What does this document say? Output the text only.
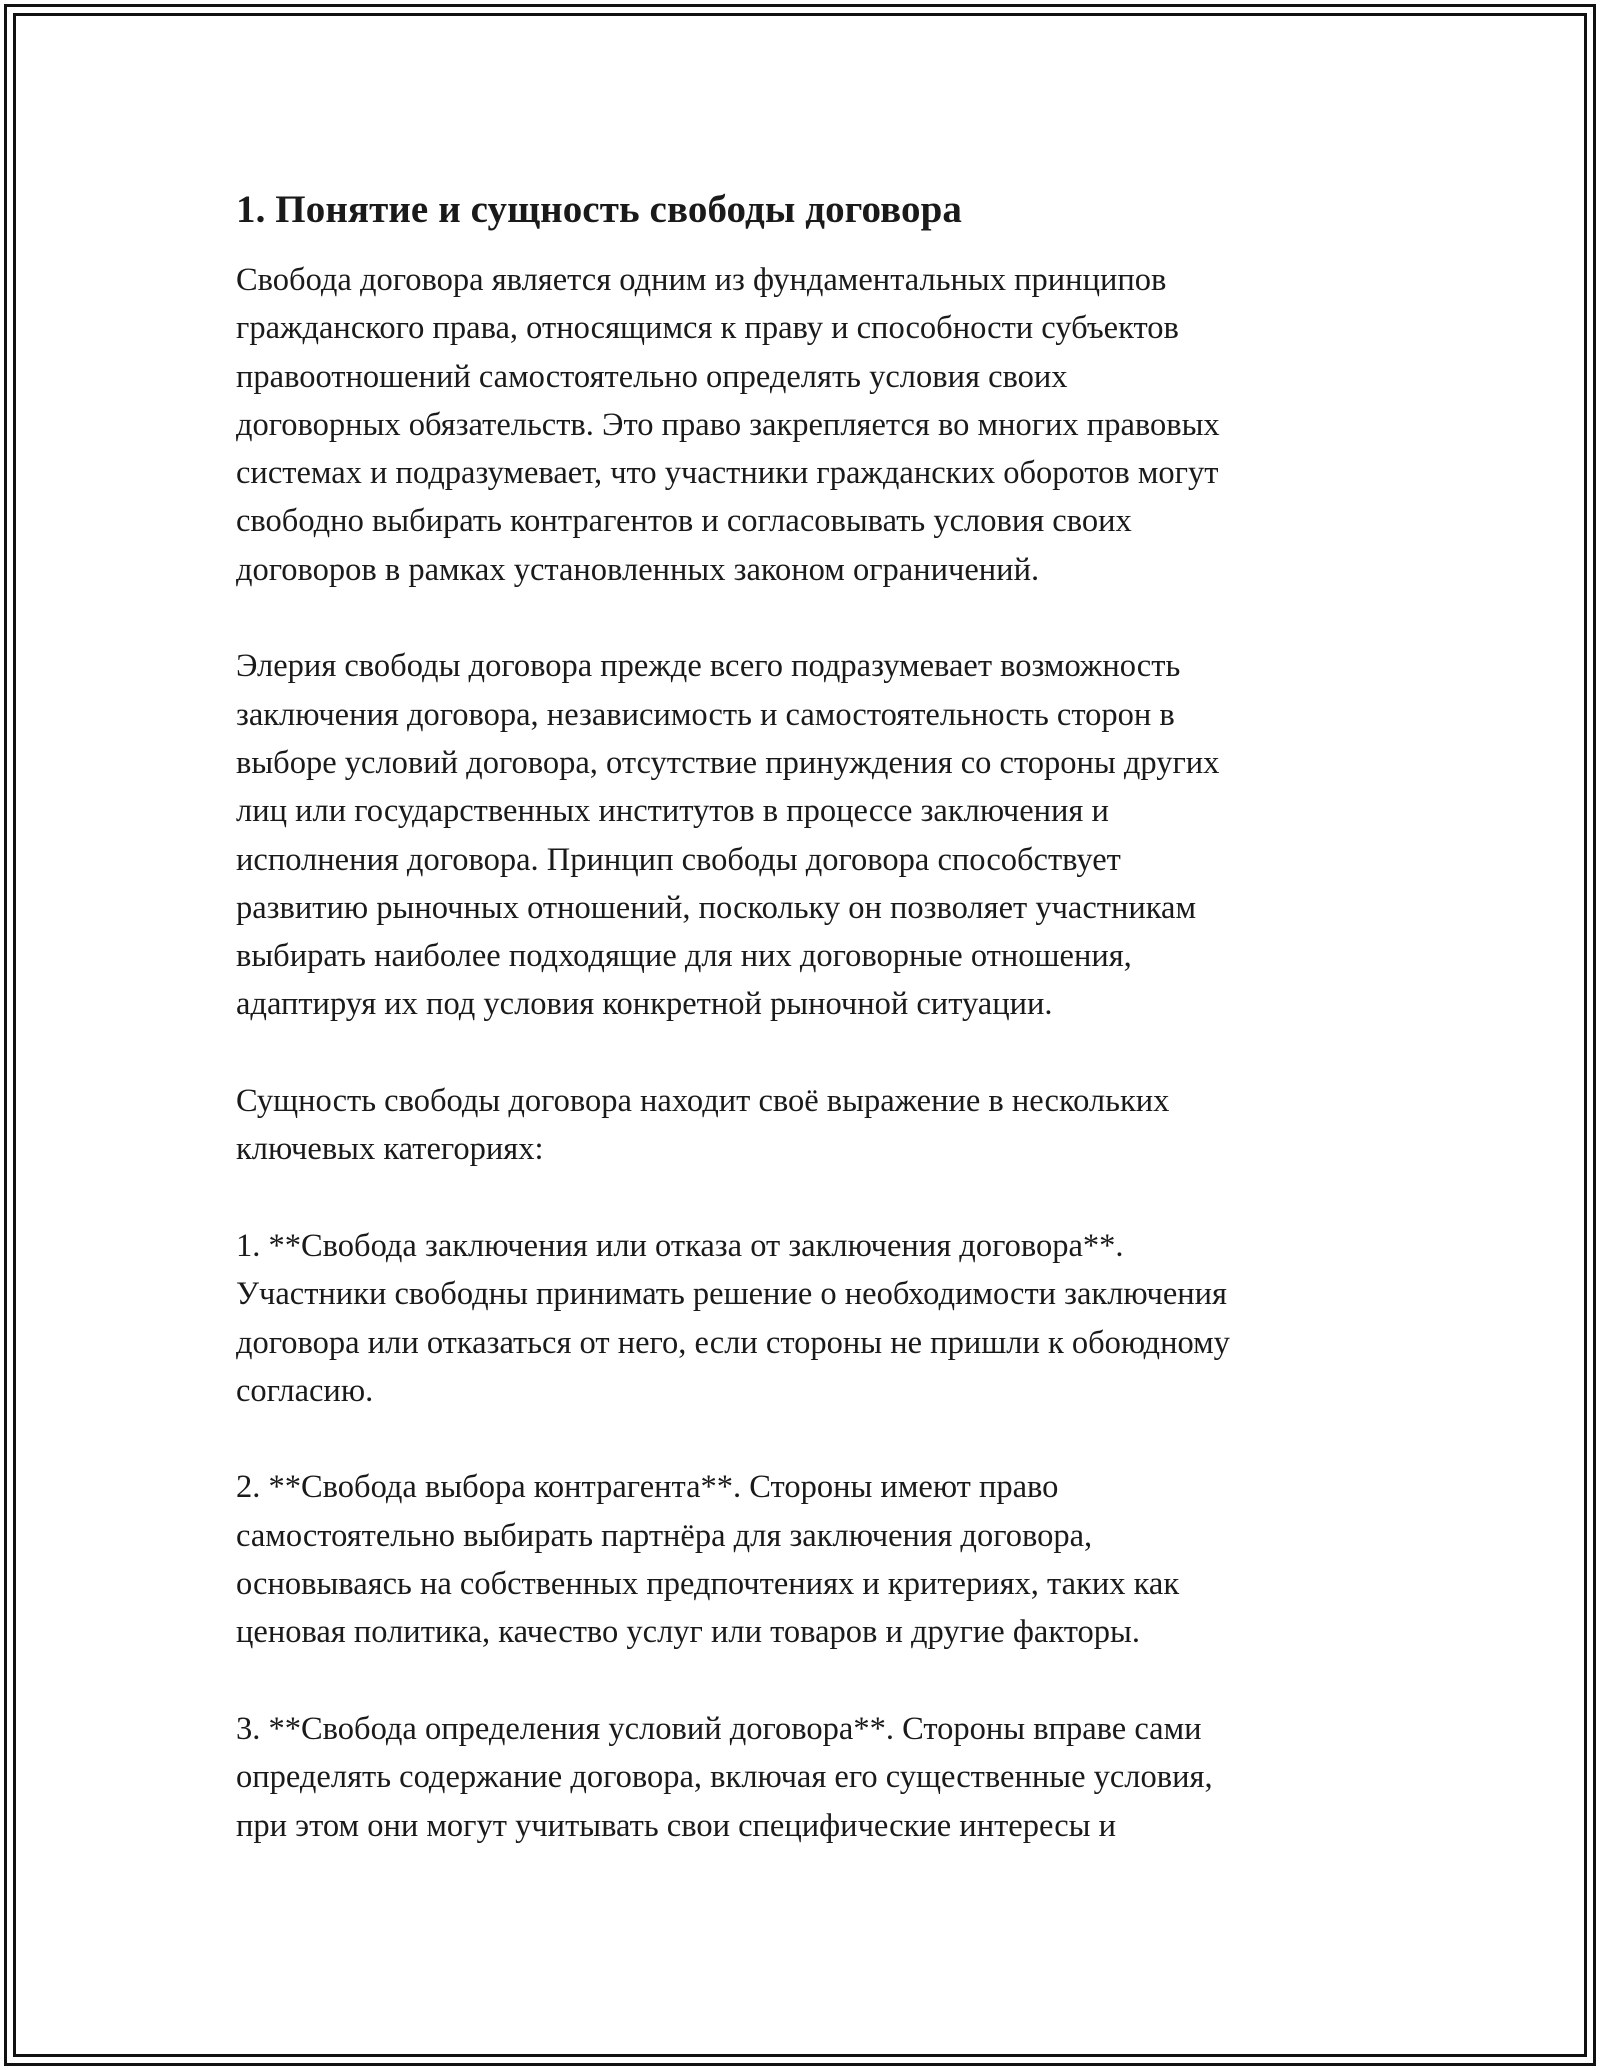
1. Понятие и сущность свободы договора

Свобода договора является одним из фундаментальных принципов
гражданского права, относящимся к праву и способности субъектов
правоотношений самостоятельно определять условия своих
договорных обязательств. Это право закрепляется во многих правовых
системах и подразумевает, что участники гражданских оборотов могут
свободно выбирать контрагентов и согласовывать условия своих
договоров в рамках установленных законом ограничений.

Элерия свободы договора прежде всего подразумевает возможность
заключения договора, независимость и самостоятельность сторон в
выборе условий договора, отсутствие принуждения со стороны других
лиц или государственных институтов в процессе заключения и
исполнения договора. Принцип свободы договора способствует
развитию рыночных отношений, поскольку он позволяет участникам
выбирать наиболее подходящие для них договорные отношения,
адаптируя их под условия конкретной рыночной ситуации.

Сущность свободы договора находит своё выражение в нескольких
ключевых категориях:

1. **Свобода заключения или отказа от заключения договора**.
Участники свободны принимать решение о необходимости заключения
договора или отказаться от него, если стороны не пришли к обоюдному
согласию.

2. **Свобода выбора контрагента**. Стороны имеют право
самостоятельно выбирать партнёра для заключения договора,
основываясь на собственных предпочтениях и критериях, таких как
ценовая политика, качество услуг или товаров и другие факторы.

3. **Свобода определения условий договора**. Стороны вправе сами
определять содержание договора, включая его существенные условия,
при этом они могут учитывать свои специфические интересы и
